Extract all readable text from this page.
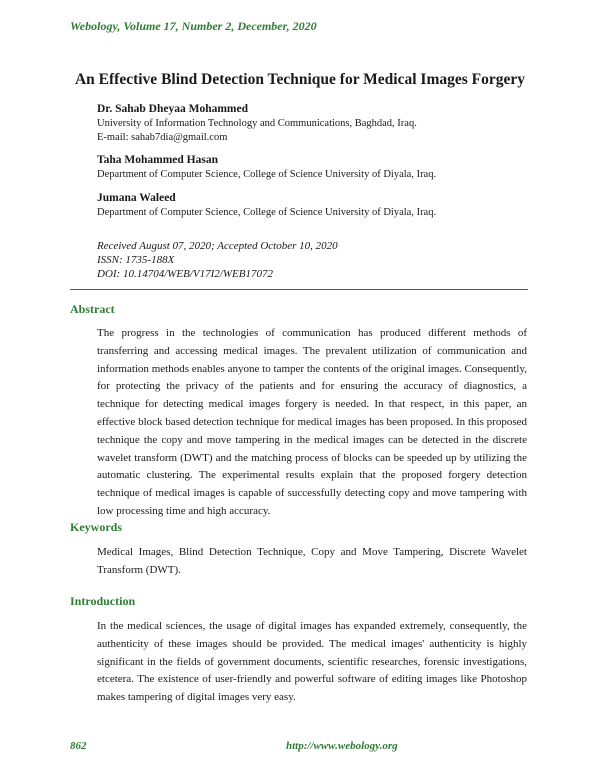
Webology, Volume 17, Number 2, December, 2020
An Effective Blind Detection Technique for Medical Images Forgery
Dr. Sahab Dheyaa Mohammed
University of Information Technology and Communications, Baghdad, Iraq.
E-mail: sahab7dia@gmail.com
Taha Mohammed Hasan
Department of Computer Science, College of Science University of Diyala, Iraq.
Jumana Waleed
Department of Computer Science, College of Science University of Diyala, Iraq.
Received August 07, 2020; Accepted October 10, 2020
ISSN: 1735-188X
DOI: 10.14704/WEB/V17I2/WEB17072
Abstract

The progress in the technologies of communication has produced different methods of transferring and accessing medical images. The prevalent utilization of communication and information methods enables anyone to tamper the contents of the original images. Consequently, for protecting the privacy of the patients and for ensuring the accuracy of diagnostics, a technique for detecting medical images forgery is needed. In that respect, in this paper, an effective block based detection technique for medical images has been proposed. In this proposed technique the copy and move tampering in the medical images can be detected in the discrete wavelet transform (DWT) and the matching process of blocks can be speeded up by utilizing the automatic clustering. The experimental results explain that the proposed forgery detection technique of medical images is capable of successfully detecting copy and move tampering with low processing time and high accuracy.

Keywords

Medical Images, Blind Detection Technique, Copy and Move Tampering, Discrete Wavelet Transform (DWT).

Introduction

In the medical sciences, the usage of digital images has expanded extremely, consequently, the authenticity of these images should be provided. The medical images' authenticity is highly significant in the fields of government documents, scientific researches, forensic investigations, etcetera. The existence of user-friendly and powerful software of editing images like Photoshop makes tampering of digital images very easy.

862	http://www.webology.org
